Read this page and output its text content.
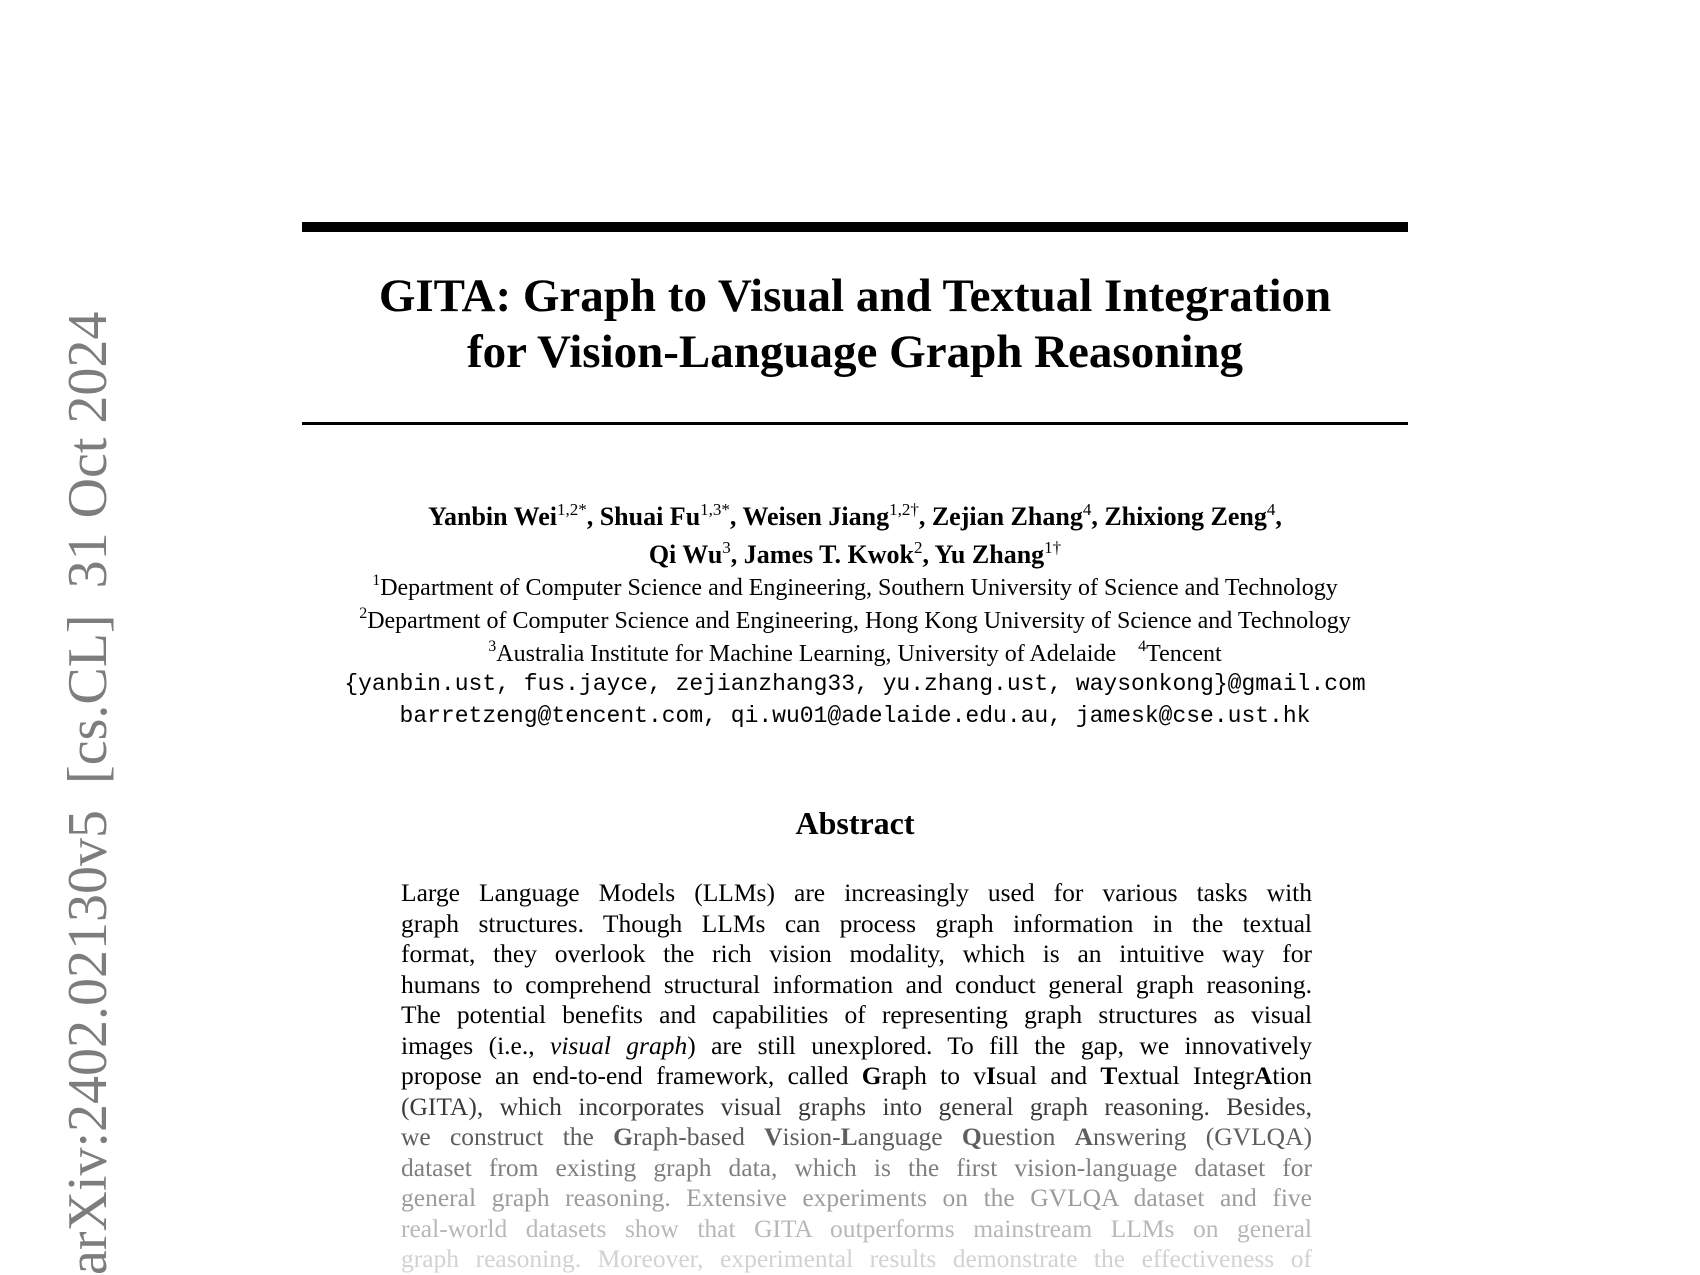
GITA: Graph to Visual and Textual Integration
for Vision-Language Graph Reasoning
Yanbin Wei$^{1,2*}$, Shuai $Fu^{1,3*}$, Weisen Jiang$^{1,2\dagger}$, Zejian Zhang$^4$, Zhixiong Zeng$^4$,
Qi Wu$^3$, James T. Kwok$^2$, Yu Zhang$^{1\dagger}$
$^1$Department of Computer Science and Engineering, Southern University of Science and Technology
$^2$Department of Computer Science and Engineering, Hong Kong University of Science and Technology
$^3$Australia Institute for Machine Learning, University of Adelaide $^4$Tencent
{yanbin.ust, fus.jayce, zejianzhang33, yu.zhang.ust, waysonkong}@gmail.com
barretzeng@tencent.com, qi.wu01@adelaide.edu.au, jamesk@cse.ust.hk
Abstract
Large Language Models (LLMs) are increasingly used for various tasks with
graph structures. Though LLMs can process graph information in the textual
format, they overlook the rich vision modality, which is an intuitive way for
humans to comprehend structural information and conduct general graph reasoning.
The potential benefits and capabilities of representing graph structures as visual
images (i.e., visual graph) are still unexplored. To fill the gap, we innovatively
propose an end-to-end framework, called Graph to vIsual and Textual IntegrAtion
(GITA), which incorporates visual graphs into general graph reasoning. Besides,
we construct the Graph-based Vision-Language Question Answering (GVLQA)
dataset from existing graph data, which is the first vision-language dataset for
general graph reasoning. Extensive experiments on the GVLQA dataset and five
real-world datasets show that GITA outperforms mainstream LLMs on general
graph reasoning. Moreover, experimental results demonstrate the effectiveness of
arXiv:2402.02130v5[cs.CL]31 Oct 2024
